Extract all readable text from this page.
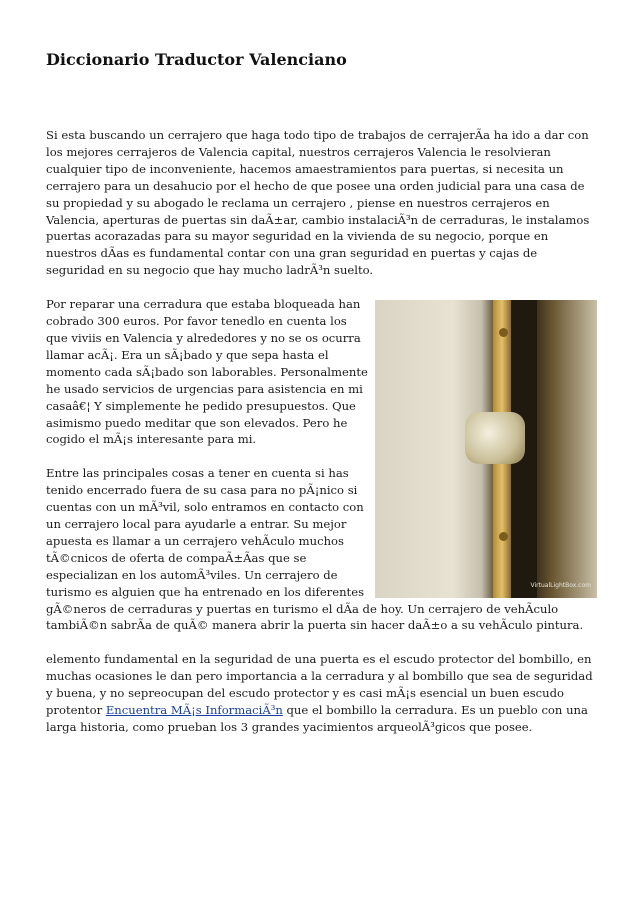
Diccionario Traductor Valenciano

Si esta buscando un cerrajero que haga todo tipo de trabajos de cerrajerÃa ha ido a dar con los mejores cerrajeros de Valencia capital, nuestros cerrajeros Valencia le resolvieran cualquier tipo de inconveniente, hacemos amaestramientos para puertas, si necesita un cerrajero para un desahucio por el hecho de que posee una orden judicial para una casa de su propiedad y su abogado le reclama un cerrajero , piense en nuestros cerrajeros en Valencia, aperturas de puertas sin daÃ±ar, cambio instalaciÃ³n de cerraduras, le instalamos puertas acorazadas para su mayor seguridad en la vivienda de su negocio, porque en nuestros dÃas es fundamental contar con una gran seguridad en puertas y cajas de seguridad en su negocio que hay mucho ladrÃ³n suelto.

VirtualLightBox.com

Por reparar una cerradura que estaba bloqueada han cobrado 300 euros. Por favor tenedlo en cuenta los que viviis en Valencia y alrededores y no se os ocurra llamar acÃ¡. Era un sÃ¡bado y que sepa hasta el momento cada sÃ¡bado son laborables. Personalmente he usado servicios de urgencias para asistencia en mi casaâ€¦ Y simplemente he pedido presupuestos. Que asimismo puedo meditar que son elevados. Pero he cogido el mÃ¡s interesante para mi.

Entre las principales cosas a tener en cuenta si has tenido encerrado fuera de su casa para no pÃ¡nico si cuentas con un mÃ³vil, solo entramos en contacto con un cerrajero local para ayudarle a entrar. Su mejor apuesta es llamar a un cerrajero vehÃculo muchos tÃ©cnicos de oferta de compaÃ±Ãas que se especializan en los automÃ³viles. Un cerrajero de turismo es alguien que ha entrenado en los diferentes gÃ©neros de cerraduras y puertas en turismo el dÃa de hoy. Un cerrajero de vehÃculo tambiÃ©n sabrÃa de quÃ© manera abrir la puerta sin hacer daÃ±o a su vehÃculo pintura.

elemento fundamental en la seguridad de una puerta es el escudo protector del bombillo, en muchas ocasiones le dan pero importancia a la cerradura y al bombillo que sea de seguridad y buena, y no sepreocupan del escudo protector y es casi mÃ¡s esencial un buen escudo protentor Encuentra MÃ¡s InformaciÃ³n que el bombillo la cerradura. Es un pueblo con una larga historia, como prueban los 3 grandes yacimientos arqueolÃ³gicos que posee.
